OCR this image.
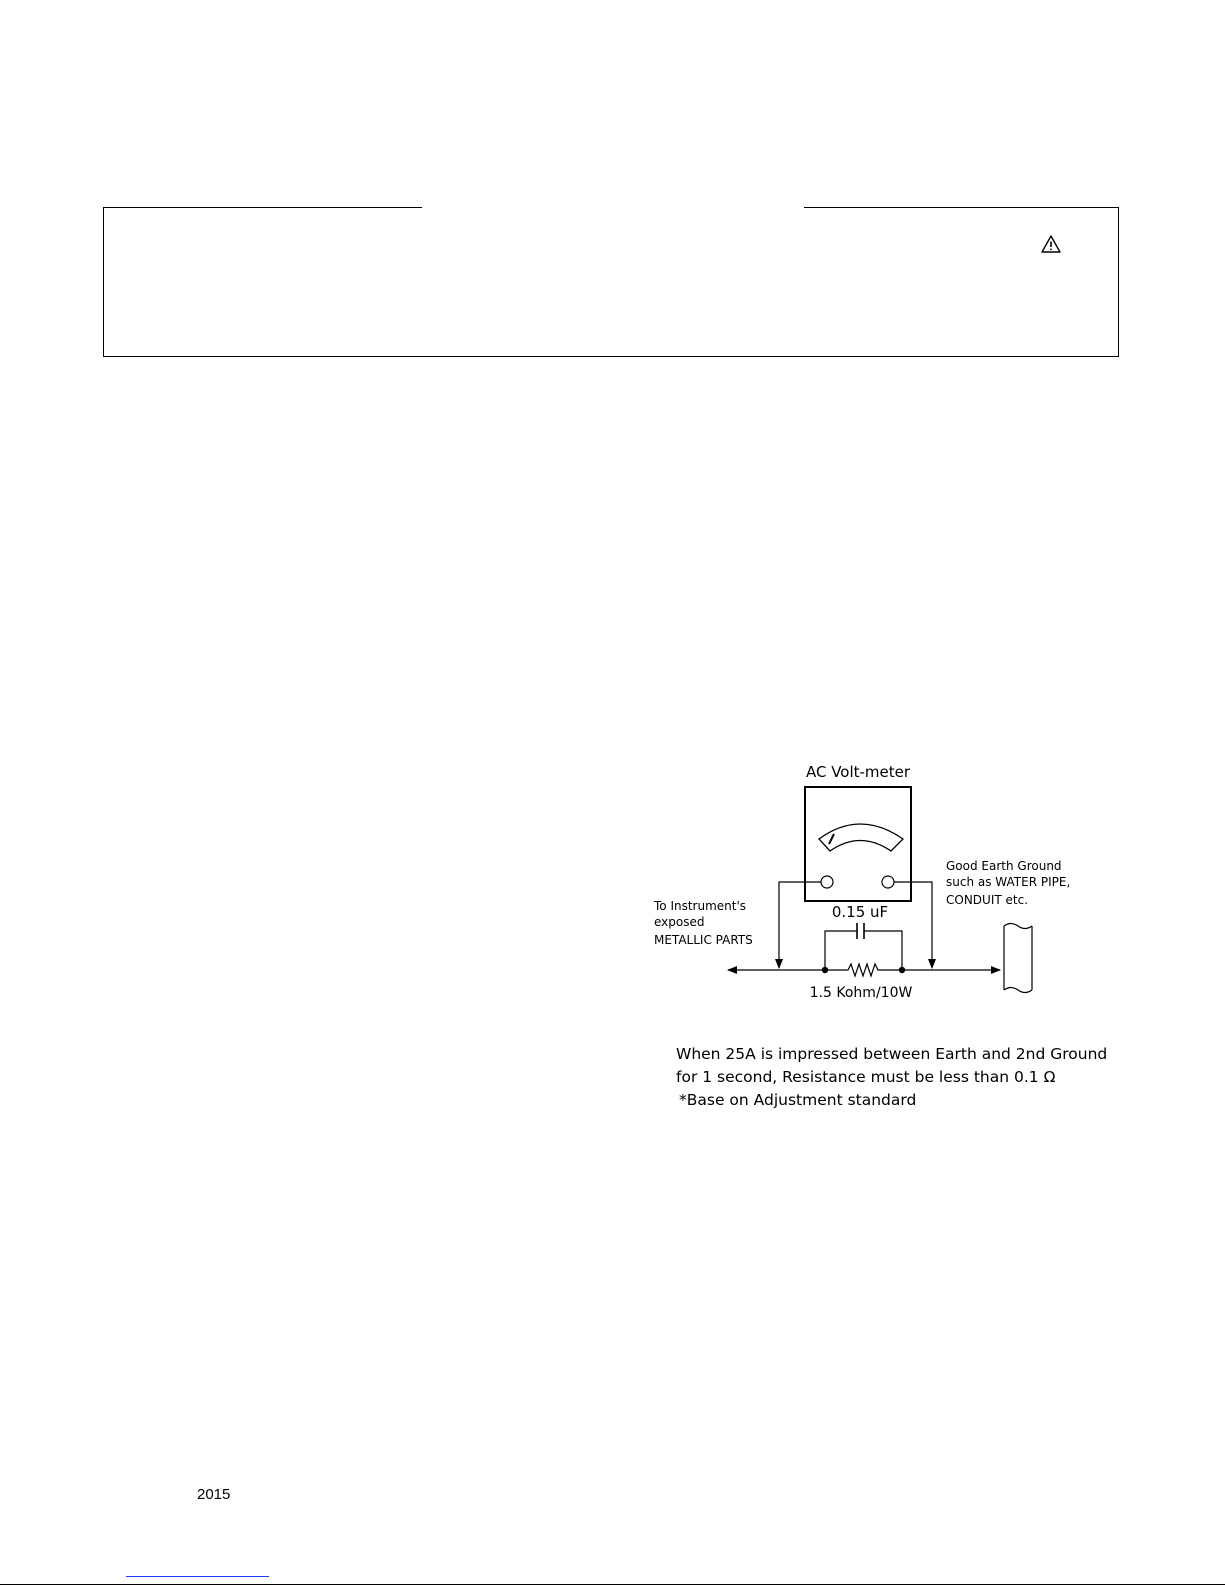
AC Volt-meter
0.15 uF
1.5 Kohm/10W
To Instrument's
exposed
METALLIC PARTS
Good Earth Ground
such as WATER PIPE,
CONDUIT etc.
When 25A is impressed between Earth and 2nd Ground
for 1 second, Resistance must be less than 0.1 Ω
*Base on Adjustment standard
2015
